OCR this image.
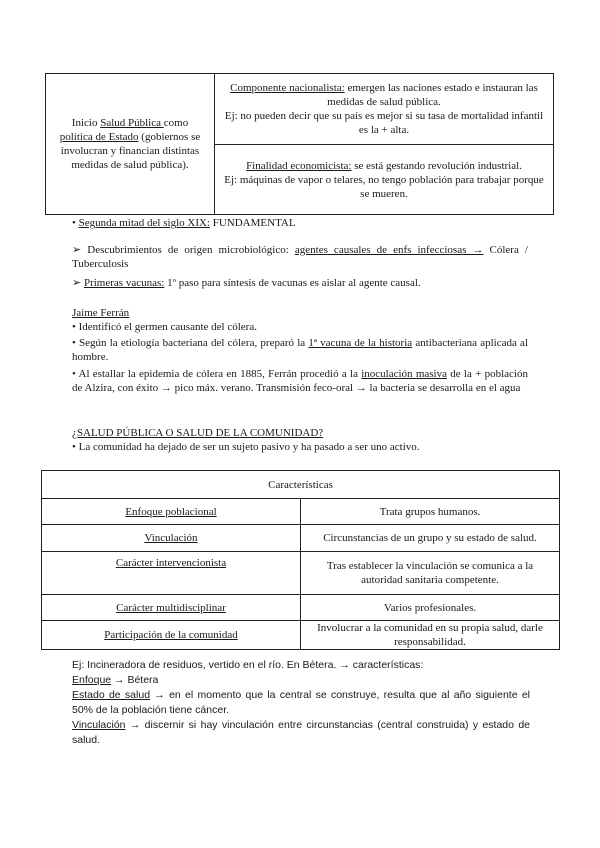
Inicio Salud Pública como política de Estado (gobiernos se involucran y financian distintas medidas de salud pública).	Componente nacionalista: emergen las naciones estado e instauran las medidas de salud pública.
Ej: no pueden decir que su país es mejor si su tasa de mortalidad infantil es la + alta.
Finalidad economicista: se está gestando revolución industrial.
Ej: máquinas de vapor o telares, no tengo población para trabajar porque se mueren.
• Segunda mitad del siglo XIX: FUNDAMENTAL
➢ Descubrimientos de origen microbiológico: agentes causales de enfs infecciosas → Cólera / Tuberculosis
➢ Primeras vacunas: 1º paso para síntesis de vacunas es aislar al agente causal.
Jaime Ferrán
• Identificó el germen causante del cólera.
• Según la etiología bacteriana del cólera, preparó la 1ª vacuna de la historia antibacteriana aplicada al hombre.
• Al estallar la epidemia de cólera en 1885, Ferrán procedió a la inoculación masiva de la + población de Alzira, con éxito → pico máx. verano. Transmisión feco-oral → la bacteria se desarrolla en el agua
¿SALUD PÚBLICA O SALUD DE LA COMUNIDAD?
• La comunidad ha dejado de ser un sujeto pasivo y ha pasado a ser uno activo.
Características	
Enfoque poblacional	Trata grupos humanos.
Vinculación	Circunstancias de un grupo y su estado de salud.
Carácter intervencionista	Tras establecer la vinculación se comunica a la autoridad sanitaria competente.
Carácter multidisciplinar	Varios profesionales.
Participación de la comunidad	Involucrar a la comunidad en su propia salud, darle responsabilidad.
Ej: Incineradora de residuos, vertido en el río. En Bétera. → características:
Enfoque → Bétera
Estado de salud → en el momento que la central se construye, resulta que al año siguiente el 50% de la población tiene cáncer.
Vinculación → discernir si hay vinculación entre circunstancias (central construida) y estado de salud.
